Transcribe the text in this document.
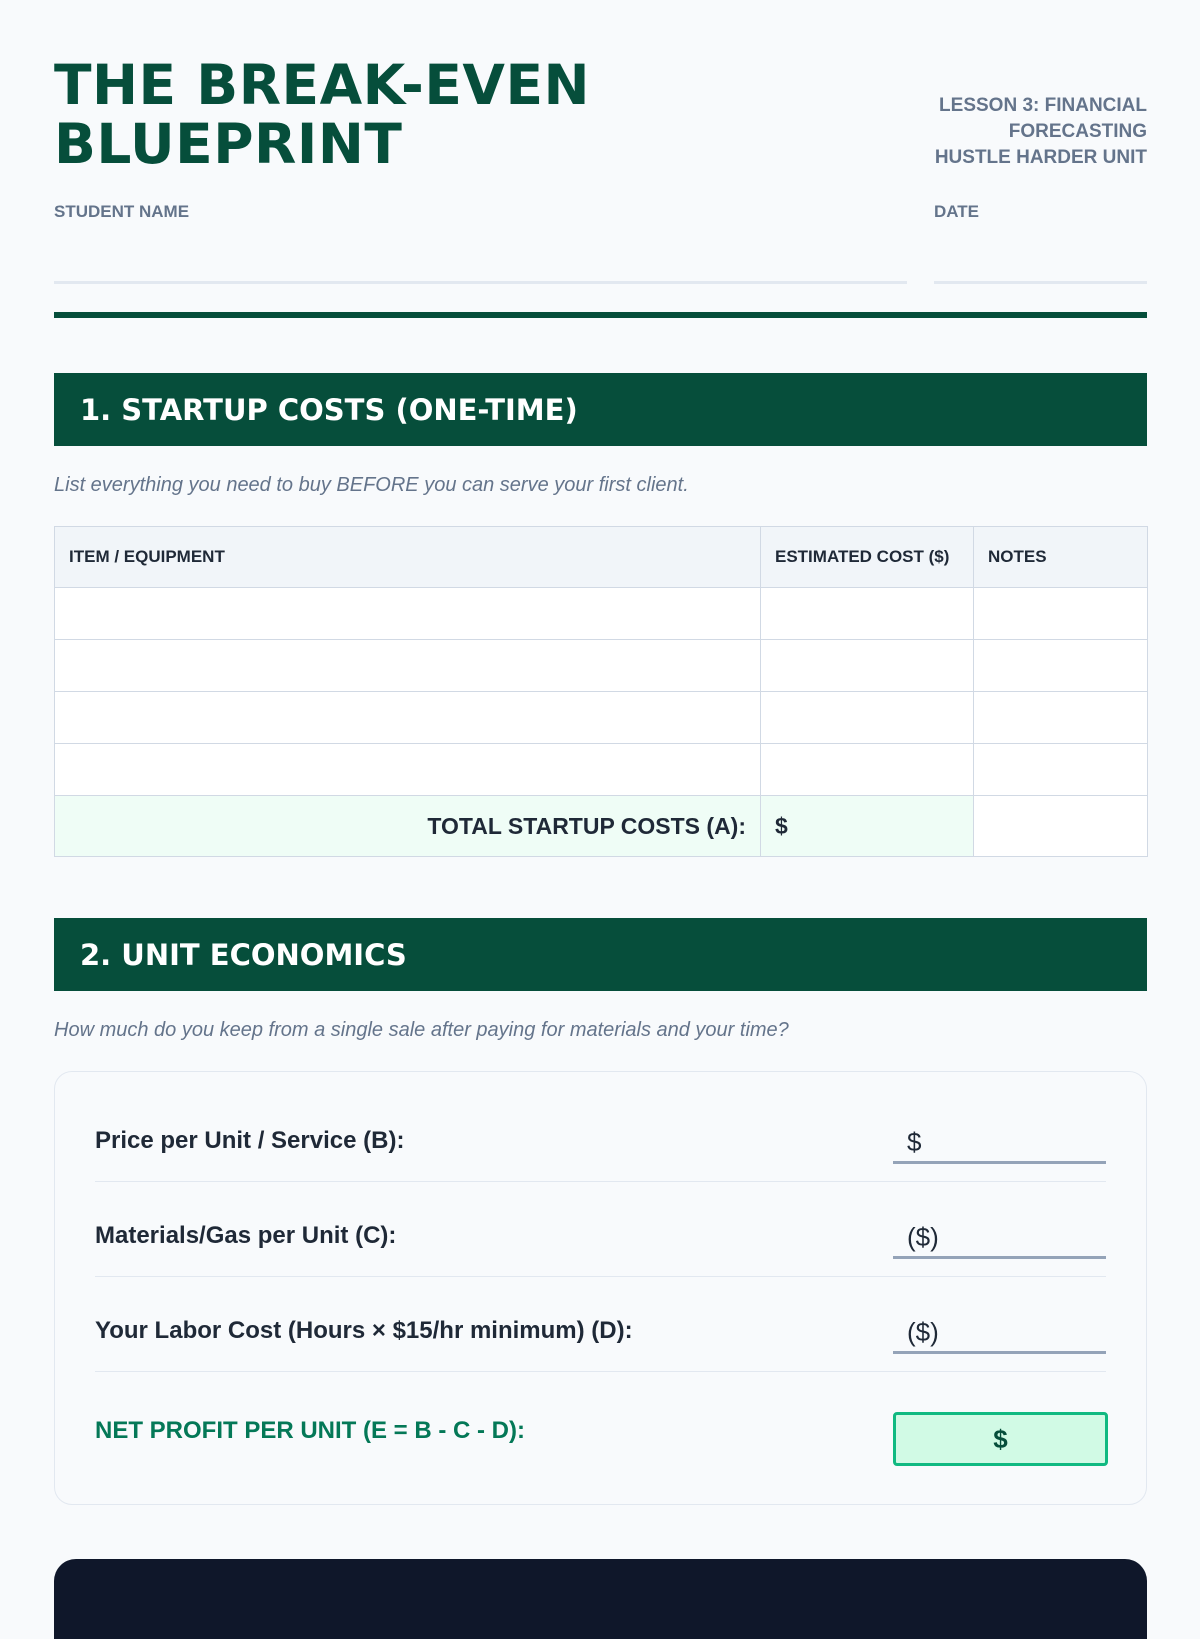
THE BREAK-EVEN
BLUEPRINT
LESSON 3: FINANCIAL
FORECASTING
HUSTLE HARDER UNIT
STUDENT NAME	DATE
1. STARTUP COSTS (ONE-TIME)
List everything you need to buy BEFORE you can serve your first client.
ITEM / EQUIPMENT	ESTIMATED COST ($)	NOTES

TOTAL STARTUP COSTS (A):	$	
2. UNIT ECONOMICS
How much do you keep from a single sale after paying for materials and your time?
Price per Unit / Service (B):	$
Materials/Gas per Unit (C):	($)
Your Labor Cost (Hours × $15/hr minimum) (D):	($)
NET PROFIT PER UNIT (E = B - C - D):	$
